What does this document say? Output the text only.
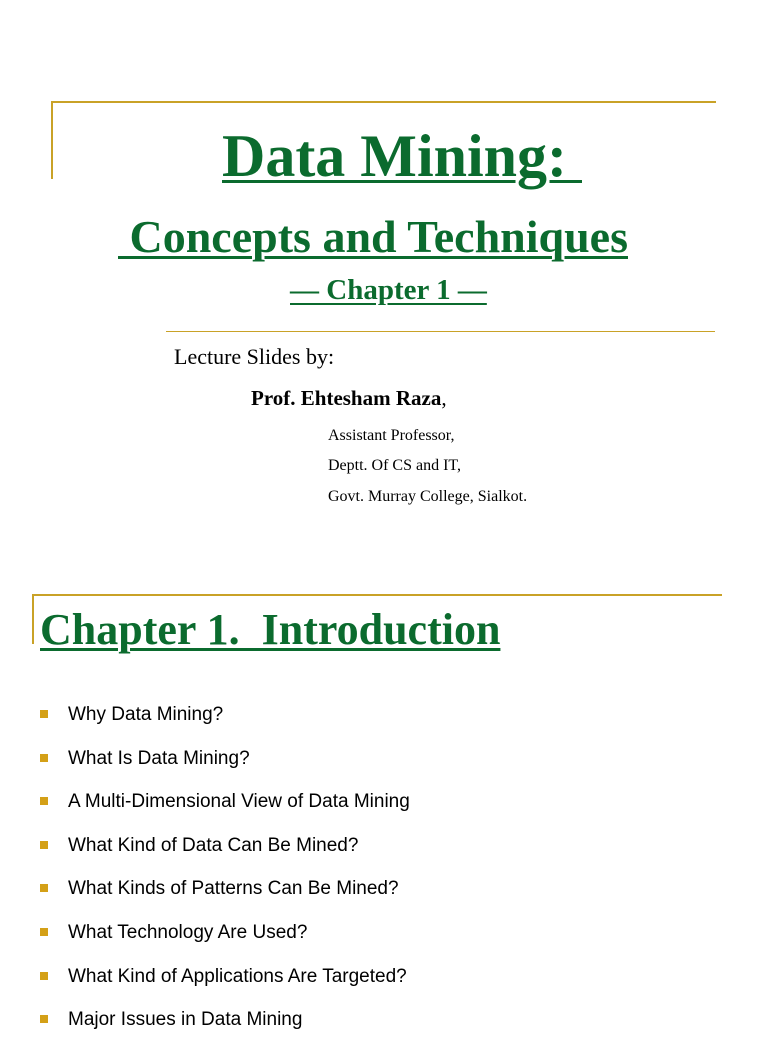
Data Mining:
Concepts and Techniques
— Chapter 1 —

Lecture Slides by:

Prof. Ehtesham Raza,

Assistant Professor,

Deptt. Of CS and IT,

Govt. Murray College, Sialkot.

Chapter 1.  Introduction
Why Data Mining?
What Is Data Mining?
A Multi-Dimensional View of Data Mining
What Kind of Data Can Be Mined?
What Kinds of Patterns Can Be Mined?
What Technology Are Used?
What Kind of Applications Are Targeted?
Major Issues in Data Mining
